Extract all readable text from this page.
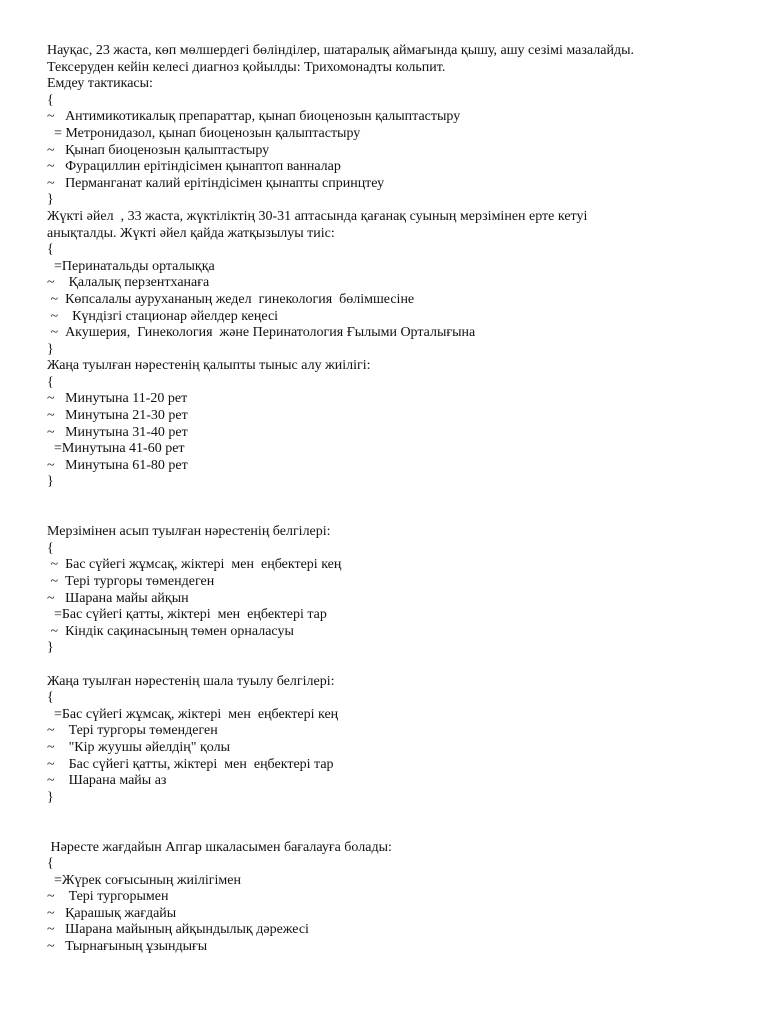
Науқас, 23 жаста, көп мөлшердегі бөліндiлер, шатаралық аймағында қышу, ашу сезімі мазалайды.
Тексеруден кейін келесі диагноз қойылды: Трихомонадты кольпит.
Емдеу тактикасы:
{
~   Антимикотикалық препараттар, қынап биоценозын қалыптастыру
= Метронидазол, қынап биоценозын қалыптастыру
~   Қынап биоценозын қалыптастыру
~   Фурациллин ерітіндісімен қынаптоп ванналар
~   Перманганат калий ерітіндісімен қынапты спринцтеу
}
Жүкті әйел  , 33 жаста, жүктіліктің 30-31 аптасында қағанақ суының мерзімінен ерте кетуі
анықталды. Жүкті әйел қайда жатқызылуы тиіс:
{
=Перинатальды орталыққа
~    Қалалық перзентханаға
~  Көпсалалы аурухананың жедел  гинекология  бөлімшесіне
~    Күндізгі стационар әйелдер кеңесі
~  Акушерия,  Гинекология  және Перинатология Ғылыми Орталығына
}
Жаңа туылған нәрестенің қалыпты тыныс алу жиілігі:
{
~   Минутына 11-20 рет
~   Минутына 21-30 рет
~   Минутына 31-40 рет
=Минутына 41-60 рет
~   Минутына 61-80 рет
}
Мерзімінен асып туылған нәрестенің белгілері:
{
~  Бас сүйегі жұмсақ, жіктері  мен  еңбектері кең
~  Тері тургоры төмендеген
~   Шарана майы айқын
=Бас сүйегі қатты, жіктері  мен  еңбектері тар
~  Кіндік сақинасының төмен орналасуы
}
Жаңа туылған нәрестенің шала туылу белгілері:
{
=Бас сүйегі жұмсақ, жіктері  мен  еңбектері кең
~    Тері тургоры төмендеген
~    "Кір жуушы әйелдің" қолы
~    Бас сүйегі қатты, жіктері  мен  еңбектері тар
~    Шарана майы аз
}
Нәресте жағдайын Апгар шкаласымен бағалауға болады:
{
=Жүрек соғысының жиілігімен
~    Тері тургорымен
~   Қарашық жағдайы
~   Шарана майының айқындылық дәрежесі
~   Тырнағының ұзындығы
